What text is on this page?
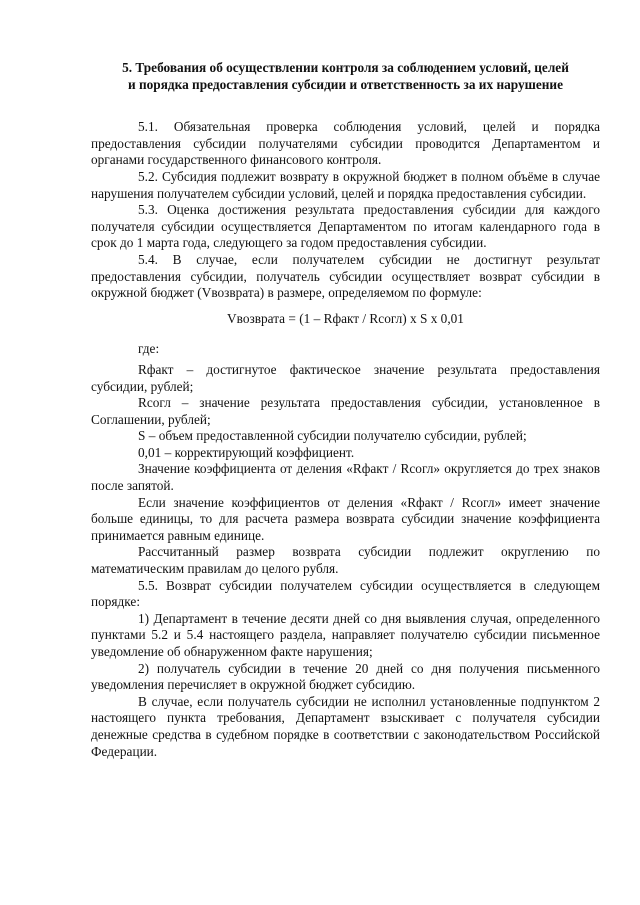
5. Требования об осуществлении контроля за соблюдением условий, целей
и порядка предоставления субсидии и ответственность за их нарушение

5.1. Обязательная проверка соблюдения условий, целей и порядка предоставления субсидии получателями субсидии проводится Департаментом и органами государственного финансового контроля.

5.2. Субсидия подлежит возврату в окружной бюджет в полном объёме в случае нарушения получателем субсидии условий, целей и порядка предоставления субсидии.

5.3. Оценка достижения результата предоставления субсидии для каждого получателя субсидии осуществляется Департаментом по итогам календарного года в срок до 1 марта года, следующего за годом предоставления субсидии.

5.4. В случае, если получателем субсидии не достигнут результат предоставления субсидии, получатель субсидии осуществляет возврат субсидии в окружной бюджет (Vвозврата) в размере, определяемом по формуле:

Vвозврата = (1 – Rфакт / Rсогл) x S x 0,01

где:

Rфакт – достигнутое фактическое значение результата предоставления субсидии, рублей;

Rсогл – значение результата предоставления субсидии, установленное в Соглашении, рублей;

S – объем предоставленной субсидии получателю субсидии, рублей;

0,01 – корректирующий коэффициент.

Значение коэффициента от деления «Rфакт / Rсогл» округляется до трех знаков после запятой.

Если значение коэффициентов от деления «Rфакт / Rсогл» имеет значение больше единицы, то для расчета размера возврата субсидии значение коэффициента принимается равным единице.

Рассчитанный размер возврата субсидии подлежит округлению по математическим правилам до целого рубля.

5.5. Возврат субсидии получателем субсидии осуществляется в следующем порядке:

1) Департамент в течение десяти дней со дня выявления случая, определенного пунктами 5.2 и 5.4 настоящего раздела, направляет получателю субсидии письменное уведомление об обнаруженном факте нарушения;

2) получатель субсидии в течение 20 дней со дня получения письменного уведомления перечисляет в окружной бюджет субсидию.

В случае, если получатель субсидии не исполнил установленные подпунктом 2 настоящего пункта требования, Департамент взыскивает с получателя субсидии денежные средства в судебном порядке в соответствии с законодательством Российской Федерации.
